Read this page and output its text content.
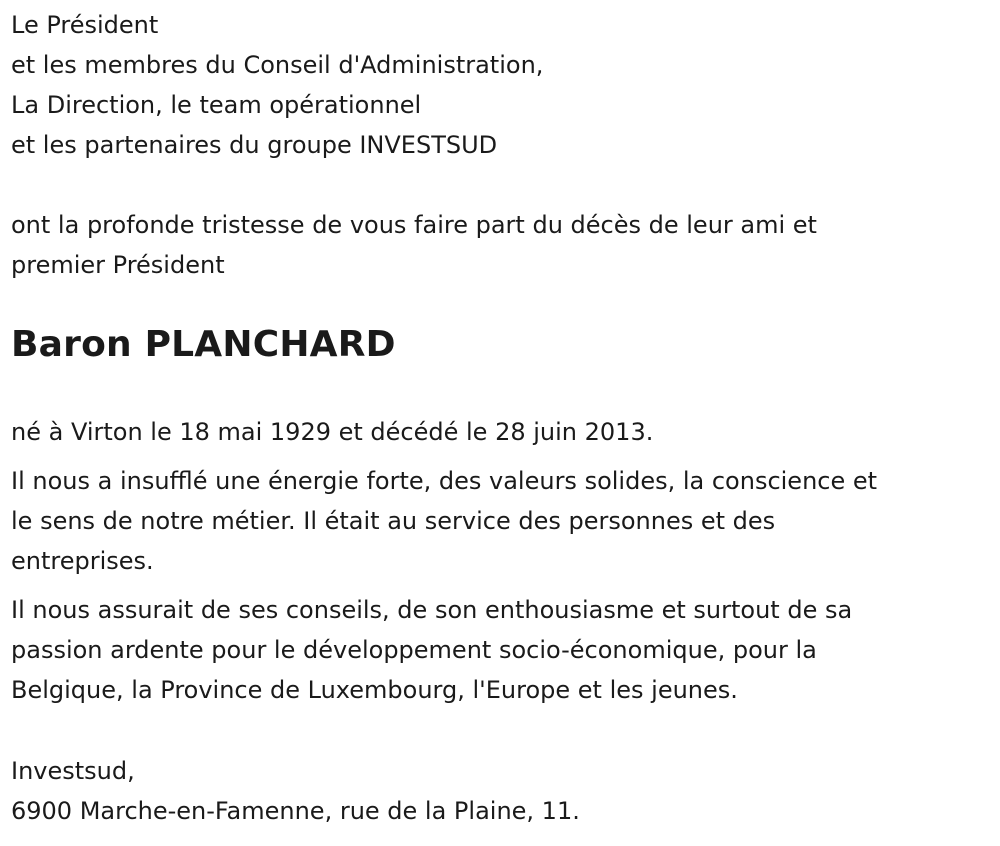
Le Président

et les membres du Conseil d'Administration,

La Direction, le team opérationnel

et les partenaires du groupe INVESTSUD

ont la profonde tristesse de vous faire part du décès de leur ami et

premier Président

Baron PLANCHARD

né à Virton le 18 mai 1929 et décédé le 28 juin 2013.

Il nous a insufflé une énergie forte, des valeurs solides, la conscience et
le sens de notre métier. Il était au service des personnes et des
entreprises.
Il nous assurait de ses conseils, de son enthousiasme et surtout de sa
passion ardente pour le développement socio-économique, pour la
Belgique, la Province de Luxembourg, l'Europe et les jeunes.

Investsud,

6900 Marche-en-Famenne, rue de la Plaine, 11.
